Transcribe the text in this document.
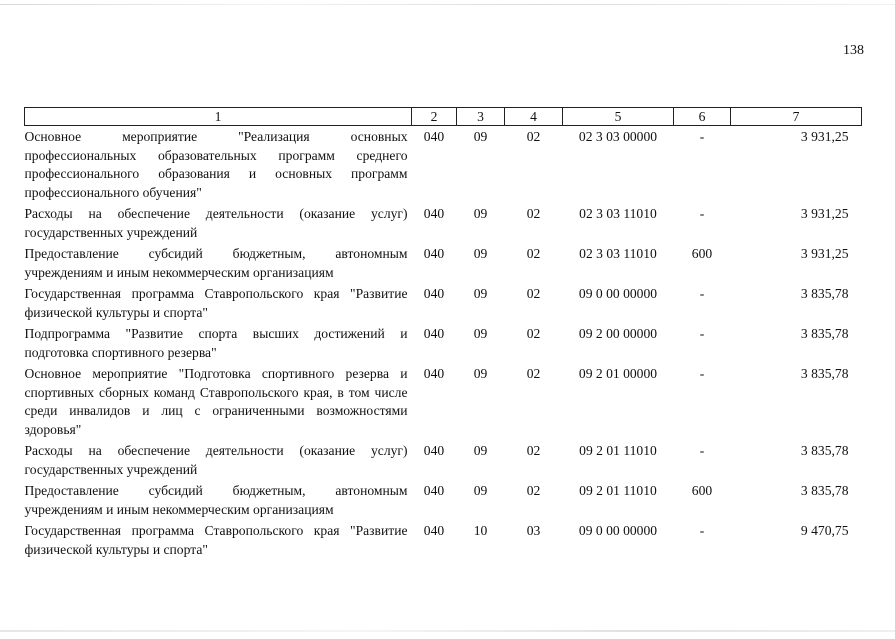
138
1	2	3	4	5	6	7
Основное мероприятие "Реализация основных профессиональных образовательных программ среднего профессионального образования и основных программ профессионального обучения"	040	09	02	02 3 03 00000	-	3 931,25
Расходы на обеспечение деятельности (оказание услуг) государственных учреждений	040	09	02	02 3 03 11010	-	3 931,25
Предоставление субсидий бюджетным, автономным учреждениям и иным некоммерческим организациям	040	09	02	02 3 03 11010	600	3 931,25
Государственная программа Ставропольского края "Развитие физической культуры и спорта"	040	09	02	09 0 00 00000	-	3 835,78
Подпрограмма "Развитие спорта высших достижений и подготовка спортивного резерва"	040	09	02	09 2 00 00000	-	3 835,78
Основное мероприятие "Подготовка спортивного резерва и спортивных сборных команд Ставропольского края, в том числе среди инвалидов и лиц с ограниченными возможностями здоровья"	040	09	02	09 2 01 00000	-	3 835,78
Расходы на обеспечение деятельности (оказание услуг) государственных учреждений	040	09	02	09 2 01 11010	-	3 835,78
Предоставление субсидий бюджетным, автономным учреждениям и иным некоммерческим организациям	040	09	02	09 2 01 11010	600	3 835,78
Государственная программа Ставропольского края "Развитие физической культуры и спорта"	040	10	03	09 0 00 00000	-	9 470,75
